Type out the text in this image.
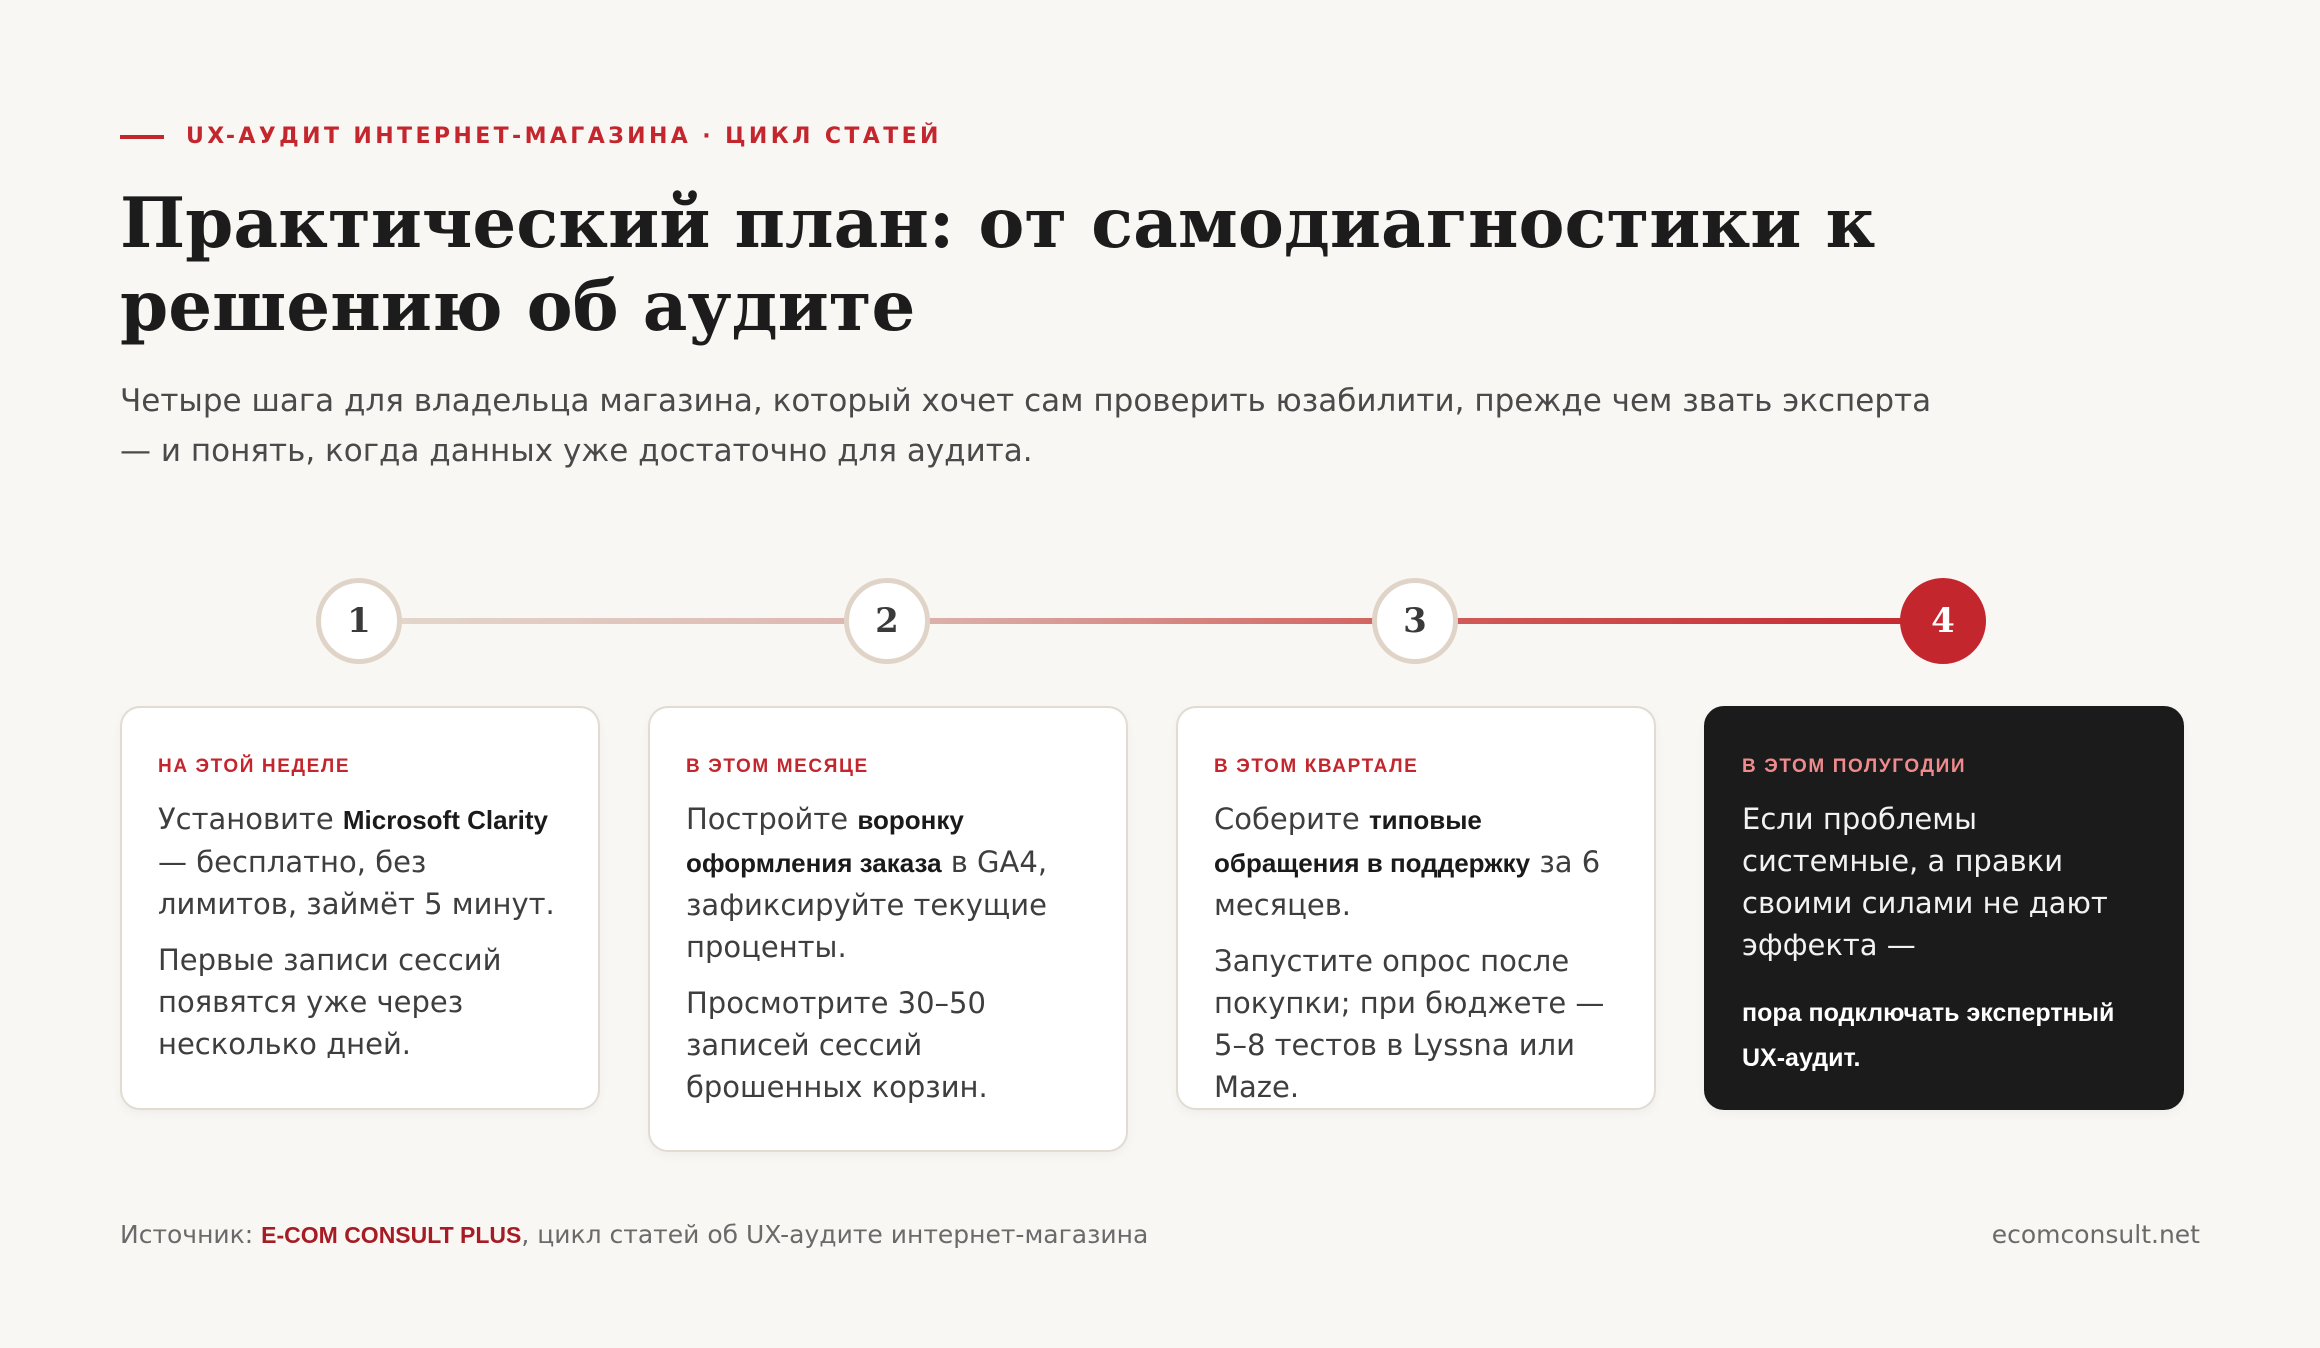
UX-АУДИТ ИНТЕРНЕТ-МАГАЗИНА · ЦИКЛ СТАТЕЙ
Практический план: от самодиагностики к решению об аудите
Четыре шага для владельца магазина, который хочет сам проверить юзабилити, прежде чем звать эксперта — и понять, когда данных уже достаточно для аудита.
1	2	3	4
НА ЭТОЙ НЕДЕЛЕ

Установите Microsoft Clarity — бесплатно, без лимитов, займёт 5 минут.

Первые записи сессий появятся уже через несколько дней.

В ЭТОМ МЕСЯЦЕ

Постройте воронку оформления заказа в GA4, зафиксируйте текущие проценты.

Просмотрите 30–50 записей сессий брошенных корзин.

В ЭТОМ КВАРТАЛЕ

Соберите типовые обращения в поддержку за 6 месяцев.

Запустите опрос после покупки; при бюджете — 5–8 тестов в Lyssna или Maze.

В ЭТОМ ПОЛУГОДИИ

Если проблемы системные, а правки своими силами не дают эффекта —

пора подключать экспертный UX-аудит.

Источник: E-COM CONSULT PLUS, цикл статей об UX-аудите интернет-магазина	ecomconsult.net
